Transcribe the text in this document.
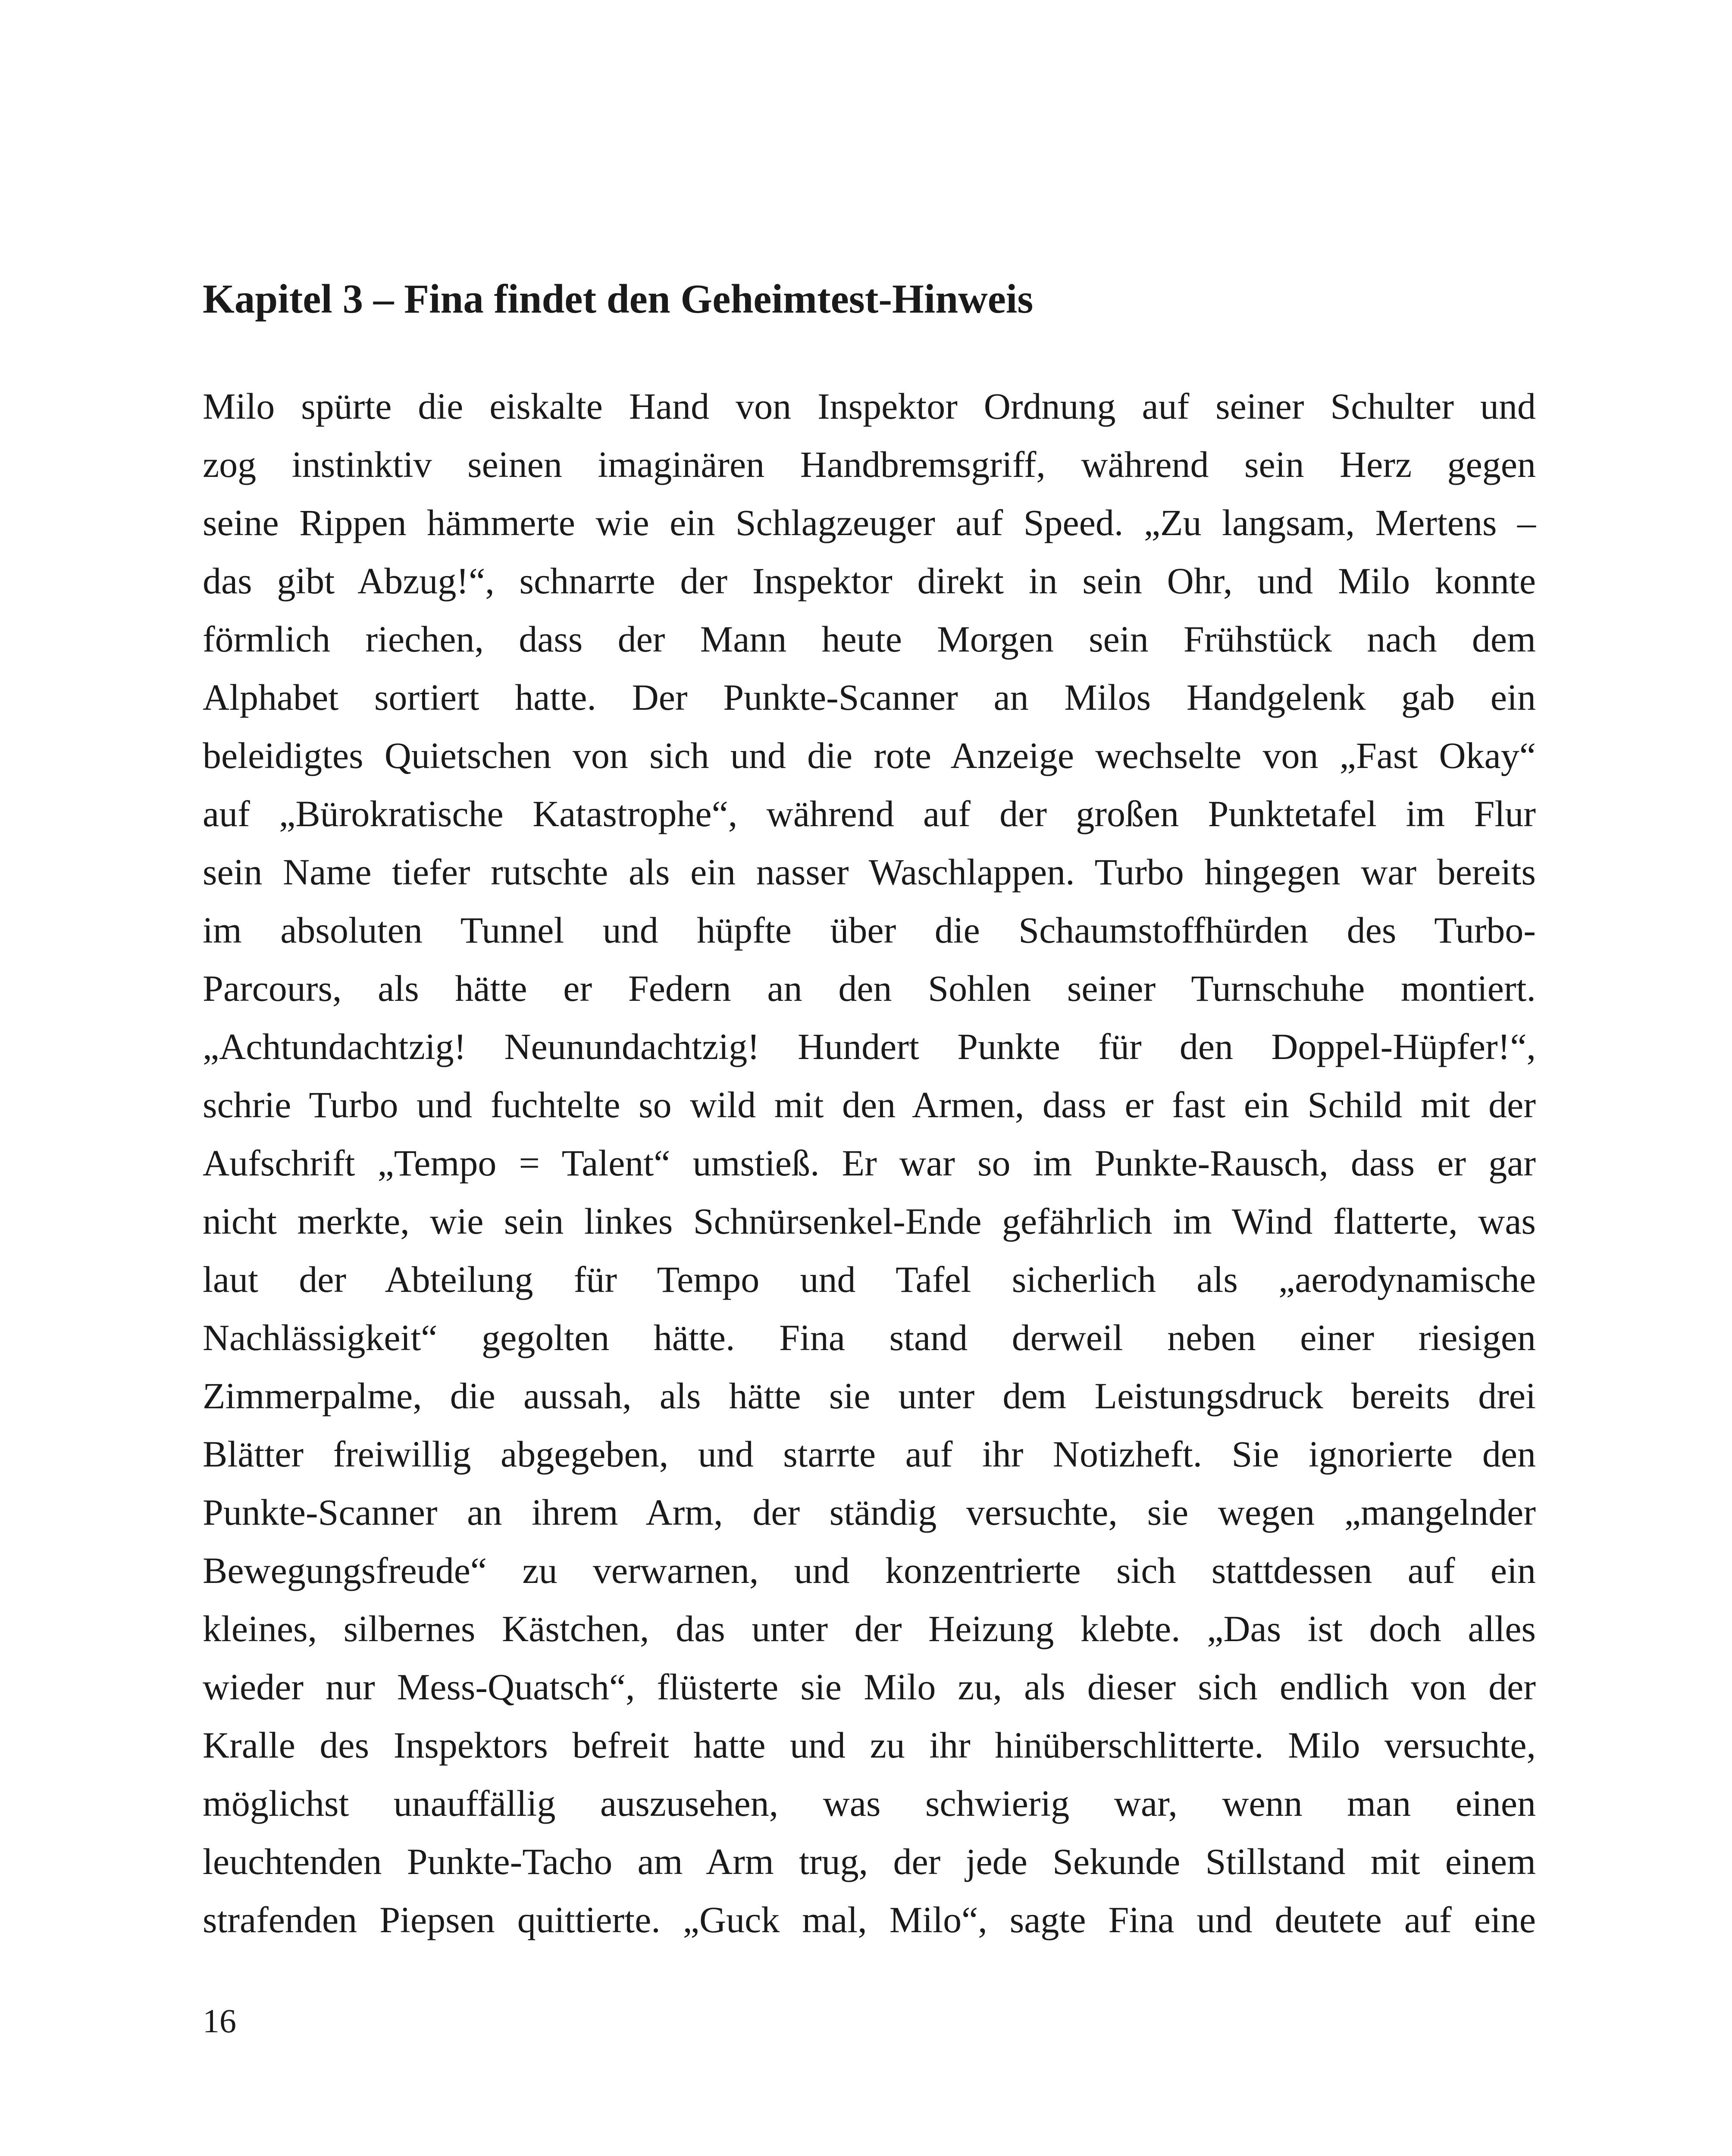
Kapitel 3 – Fina findet den Geheimtest-Hinweis
Milo spürte die eiskalte Hand von Inspektor Ordnung auf seiner Schulter und
zog instinktiv seinen imaginären Handbremsgriff, während sein Herz gegen
seine Rippen hämmerte wie ein Schlagzeuger auf Speed. „Zu langsam, Mertens –
das gibt Abzug!“, schnarrte der Inspektor direkt in sein Ohr, und Milo konnte
förmlich riechen, dass der Mann heute Morgen sein Frühstück nach dem
Alphabet sortiert hatte. Der Punkte-Scanner an Milos Handgelenk gab ein
beleidigtes Quietschen von sich und die rote Anzeige wechselte von „Fast Okay“
auf „Bürokratische Katastrophe“, während auf der großen Punktetafel im Flur
sein Name tiefer rutschte als ein nasser Waschlappen. Turbo hingegen war bereits
im absoluten Tunnel und hüpfte über die Schaumstoffhürden des Turbo-
Parcours, als hätte er Federn an den Sohlen seiner Turnschuhe montiert.
„Achtundachtzig! Neunundachtzig! Hundert Punkte für den Doppel-Hüpfer!“,
schrie Turbo und fuchtelte so wild mit den Armen, dass er fast ein Schild mit der
Aufschrift „Tempo = Talent“ umstieß. Er war so im Punkte-Rausch, dass er gar
nicht merkte, wie sein linkes Schnürsenkel-Ende gefährlich im Wind flatterte, was
laut der Abteilung für Tempo und Tafel sicherlich als „aerodynamische
Nachlässigkeit“ gegolten hätte. Fina stand derweil neben einer riesigen
Zimmerpalme, die aussah, als hätte sie unter dem Leistungsdruck bereits drei
Blätter freiwillig abgegeben, und starrte auf ihr Notizheft. Sie ignorierte den
Punkte-Scanner an ihrem Arm, der ständig versuchte, sie wegen „mangelnder
Bewegungsfreude“ zu verwarnen, und konzentrierte sich stattdessen auf ein
kleines, silbernes Kästchen, das unter der Heizung klebte. „Das ist doch alles
wieder nur Mess-Quatsch“, flüsterte sie Milo zu, als dieser sich endlich von der
Kralle des Inspektors befreit hatte und zu ihr hinüberschlitterte. Milo versuchte,
möglichst unauffällig auszusehen, was schwierig war, wenn man einen
leuchtenden Punkte-Tacho am Arm trug, der jede Sekunde Stillstand mit einem
strafenden Piepsen quittierte. „Guck mal, Milo“, sagte Fina und deutete auf eine
16
